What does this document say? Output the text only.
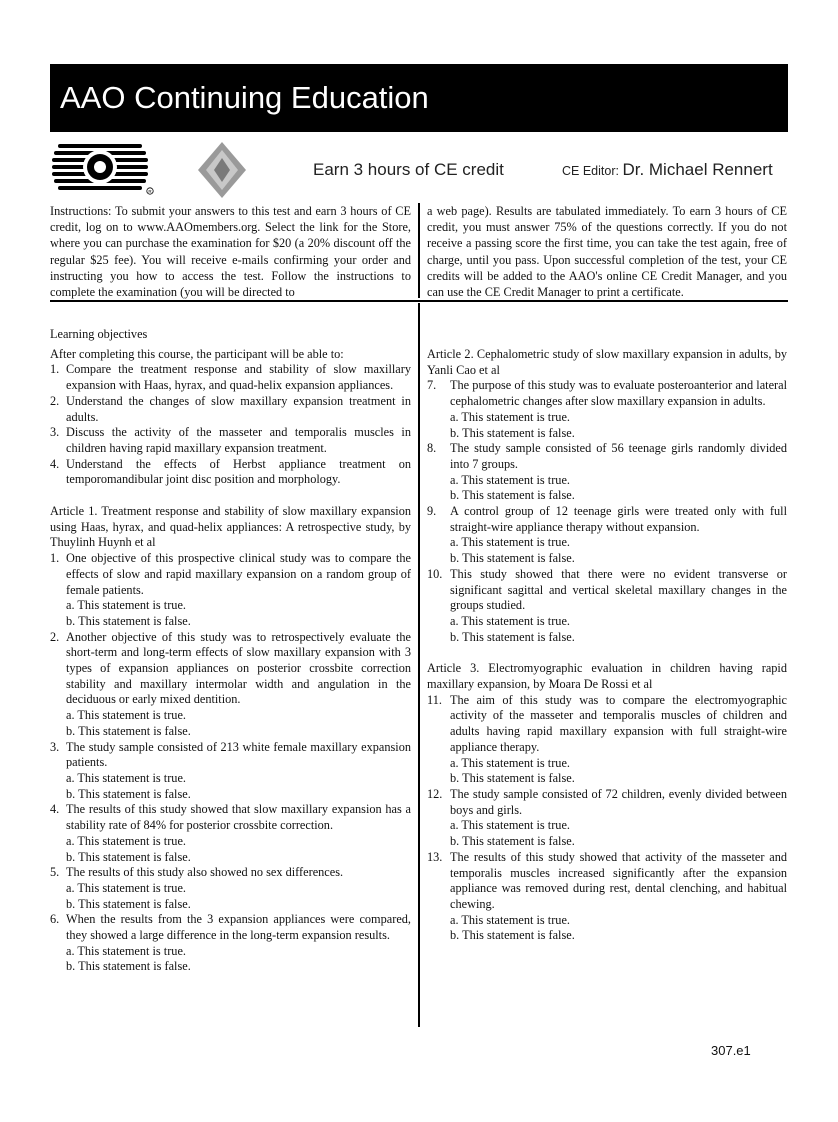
AAO Continuing Education
R
Earn 3 hours of CE credit	CE Editor: Dr. Michael Rennert
Instructions: To submit your answers to this test and earn 3 hours of CE credit, log on to www.AAOmembers.org. Select the link for the Store, where you can purchase the examination for $20 (a 20% discount off the regular $25 fee). You will receive e-mails confirming your order and instructing you how to access the test. Follow the instructions to complete the examination (you will be directed to
a web page). Results are tabulated immediately. To earn 3 hours of CE credit, you must answer 75% of the questions correctly. If you do not receive a passing score the first time, you can take the test again, free of charge, until you pass. Upon successful completion of the test, your CE credits will be added to the AAO's online CE Credit Manager, and you can use the CE Credit Manager to print a certificate.

Learning objectives

After completing this course, the participant will be able to:

1. Compare the treatment response and stability of slow maxillary expansion with Haas, hyrax, and quad-helix expansion appliances.
2. Understand the changes of slow maxillary expansion treatment in adults.
3. Discuss the activity of the masseter and temporalis muscles in children having rapid maxillary expansion treatment.
4. Understand the effects of Herbst appliance treatment on temporomandibular joint disc position and morphology.

Article 1. Treatment response and stability of slow maxillary expansion using Haas, hyrax, and quad-helix appliances: A retrospective study, by Thuylinh Huynh et al

1. One objective of this prospective clinical study was to compare the effects of slow and rapid maxillary expansion on a random group of female patients.

a. This statement is true.

b. This statement is false.

2. Another objective of this study was to retrospectively evaluate the short-term and long-term effects of slow maxillary expansion with 3 types of expansion appliances on posterior crossbite correction stability and maxillary intermolar width and angulation in the deciduous or early mixed dentition.

a. This statement is true.

b. This statement is false.

3. The study sample consisted of 213 white female maxillary expansion patients.

a. This statement is true.

b. This statement is false.

4. The results of this study showed that slow maxillary expansion has a stability rate of 84% for posterior crossbite correction.

a. This statement is true.

b. This statement is false.

5. The results of this study also showed no sex differences.

a. This statement is true.

b. This statement is false.

6. When the results from the 3 expansion appliances were compared, they showed a large difference in the long-term expansion results.

a. This statement is true.

b. This statement is false.

Article 2. Cephalometric study of slow maxillary expansion in adults, by Yanli Cao et al

7.	The purpose of this study was to evaluate posteroanterior and lateral cephalometric changes after slow maxillary expansion in adults.

a. This statement is true.

b. This statement is false.

8.	The study sample consisted of 56 teenage girls randomly divided into 7 groups.

a. This statement is true.

b. This statement is false.

9.	A control group of 12 teenage girls were treated only with full straight-wire appliance therapy without expansion.

a. This statement is true.

b. This statement is false.

10. This study showed that there were no evident transverse or significant sagittal and vertical skeletal maxillary changes in the groups studied.

a. This statement is true.

b. This statement is false.

Article 3. Electromyographic evaluation in children having rapid maxillary expansion, by Moara De Rossi et al

11. The aim of this study was to compare the electromyographic activity of the masseter and temporalis muscles of children and adults having rapid maxillary expansion with full straight-wire appliance therapy.

a. This statement is true.

b. This statement is false.

12. The study sample consisted of 72 children, evenly divided between boys and girls.

a. This statement is true.

b. This statement is false.

13. The results of this study showed that activity of the masseter and temporalis muscles increased significantly after the expansion appliance was removed during rest, dental clenching, and habitual chewing.

a. This statement is true.

b. This statement is false.

307.e1
